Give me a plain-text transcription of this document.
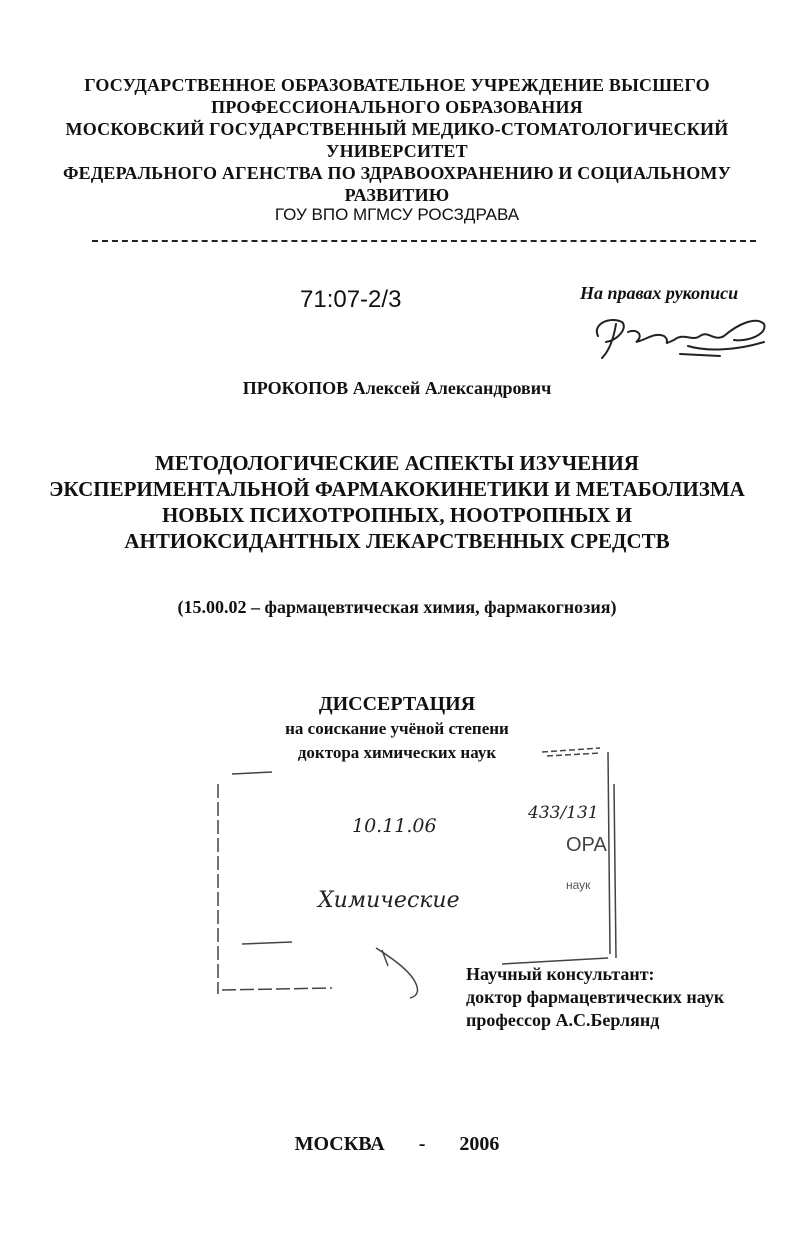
ГОСУДАРСТВЕННОЕ ОБРАЗОВАТЕЛЬНОЕ УЧРЕЖДЕНИЕ ВЫСШЕГО
ПРОФЕССИОНАЛЬНОГО ОБРАЗОВАНИЯ
МОСКОВСКИЙ ГОСУДАРСТВЕННЫЙ МЕДИКО-СТОМАТОЛОГИЧЕСКИЙ
УНИВЕРСИТЕТ
ФЕДЕРАЛЬНОГО АГЕНСТВА ПО ЗДРАВООХРАНЕНИЮ И СОЦИАЛЬНОМУ
РАЗВИТИЮ
ГОУ ВПО МГМСУ РОСЗДРАВА
71:07-2/3	На правах рукописи
ПРОКОПОВ Алексей Александрович
МЕТОДОЛОГИЧЕСКИЕ АСПЕКТЫ ИЗУЧЕНИЯ
ЭКСПЕРИМЕНТАЛЬНОЙ ФАРМАКОКИНЕТИКИ И МЕТАБОЛИЗМА
НОВЫХ ПСИХОТРОПНЫХ, НООТРОПНЫХ И
АНТИОКСИДАНТНЫХ ЛЕКАРСТВЕННЫХ СРЕДСТВ
(15.00.02 – фармацевтическая химия, фармакогнозия)
ДИССЕРТАЦИЯ
на соискание учёной степени
доктора химических наук
10.11.06
433/131
ОРА
Химические
наук
Научный консультант:
доктор фармацевтических наук
профессор А.С.Берлянд
МОСКВА - 2006
